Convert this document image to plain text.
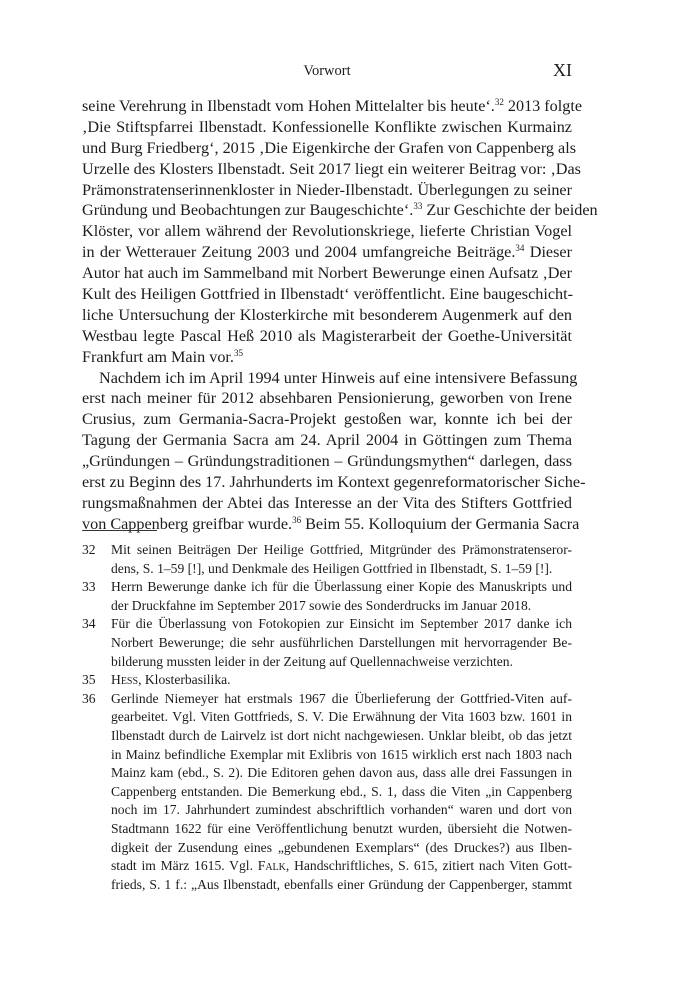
Vorwort	XI
seine Verehrung in Ilbenstadt vom Hohen Mittelalter bis heute‘.$^{32}$ 2013 folgte
‚Die Stiftspfarrei Ilbenstadt. Konfessionelle Konflikte zwischen Kurmainz
und Burg Friedberg‘, 2015 ‚Die Eigenkirche der Grafen von Cappenberg als
Urzelle des Klosters Ilbenstadt. Seit 2017 liegt ein weiterer Beitrag vor: ‚Das
Prämonstratenserinnenkloster in Nieder-Ilbenstadt. Überlegungen zu seiner
Gründung und Beobachtungen zur Baugeschichte‘.$^{33}$ Zur Geschichte der beiden
Klöster, vor allem während der Revolutionskriege, lieferte Christian Vogel
in der Wetterauer Zeitung 2003 und 2004 umfangreiche Beiträge.$^{34}$ Dieser
Autor hat auch im Sammelband mit Norbert Bewerunge einen Aufsatz ‚Der
Kult des Heiligen Gottfried in Ilbenstadt‘ veröffentlicht. Eine baugeschicht-
liche Untersuchung der Klosterkirche mit besonderem Augenmerk auf den
Westbau legte Pascal Heß 2010 als Magisterarbeit der Goethe-Universität
Frankfurt am Main vor.$^{35}$
Nachdem ich im April 1994 unter Hinweis auf eine intensivere Befassung
erst nach meiner für 2012 absehbaren Pensionierung, geworben von Irene
Crusius, zum Germania-Sacra-Projekt gestoßen war, konnte ich bei der
Tagung der Germania Sacra am 24. April 2004 in Göttingen zum Thema
„Gründungen – Gründungstraditionen – Gründungsmythen“ darlegen, dass
erst zu Beginn des 17. Jahrhunderts im Kontext gegenreformatorischer Siche-
rungsmaßnahmen der Abtei das Interesse an der Vita des Stifters Gottfried
von Cappenberg greifbar wurde.$^{36}$ Beim 55. Kolloquium der Germania Sacra
32	Mit seinen Beiträgen Der Heilige Gottfried, Mitgründer des Prämonstratenseror-
dens, S. 1–59 [!], und Denkmale des Heiligen Gottfried in Ilbenstadt, S. 1–59 [!].
33	Herrn Bewerunge danke ich für die Überlassung einer Kopie des Manuskripts und
der Druckfahne im September 2017 sowie des Sonderdrucks im Januar 2018.
34	Für die Überlassung von Fotokopien zur Einsicht im September 2017 danke ich
Norbert Bewerunge; die sehr ausführlichen Darstellungen mit hervorragender Be-
bilderung mussten leider in der Zeitung auf Quellennachweise verzichten.
35	Heß, Klosterbasilika.
36	Gerlinde Niemeyer hat erstmals 1967 die Überlieferung der Gottfried-Viten auf-
gearbeitet. Vgl. Viten Gottfrieds, S. V. Die Erwähnung der Vita 1603 bzw. 1601 in
Ilbenstadt durch de Lairvelz ist dort nicht nachgewiesen. Unklar bleibt, ob das jetzt
in Mainz befindliche Exemplar mit Exlibris von 1615 wirklich erst nach 1803 nach
Mainz kam (ebd., S. 2). Die Editoren gehen davon aus, dass alle drei Fassungen in
Cappenberg entstanden. Die Bemerkung ebd., S. 1, dass die Viten „in Cappenberg
noch im 17. Jahrhundert zumindest abschriftlich vorhanden“ waren und dort von
Stadtmann 1622 für eine Veröffentlichung benutzt wurden, übersieht die Notwen-
digkeit der Zusendung eines „gebundenen Exemplars“ (des Druckes?) aus Ilben-
stadt im März 1615. Vgl. Falk, Handschriftliches, S. 615, zitiert nach Viten Gott-
frieds, S. 1 f.: „Aus Ilbenstadt, ebenfalls einer Gründung der Cappenberger, stammt
